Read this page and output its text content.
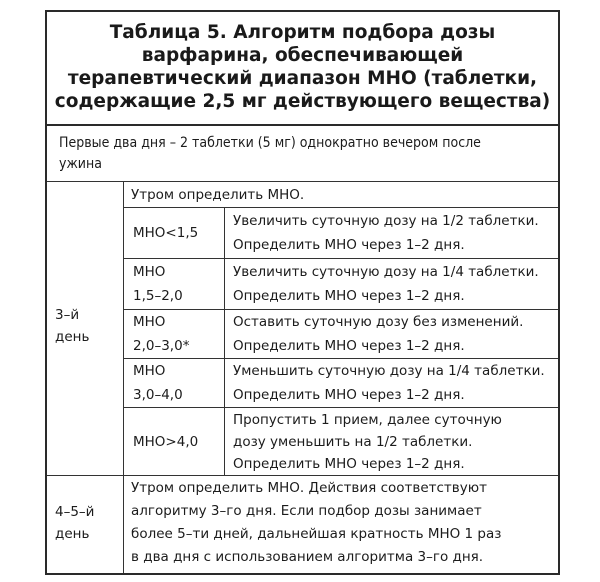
Таблица 5. Алгоритм подбора дозы
варфарина, обеспечивающей
терапевтический диапазон МНО (таблетки,
содержащие 2,5 мг действующего вещества)
Первые два дня – 2 таблетки (5 мг) однократно вечером после
ужина
3–й
день
Утром определить МНО.
МНО<1,5
Увеличить суточную дозу на 1/2 таблетки.
Определить МНО через 1–2 дня.
МНО
1,5–2,0
Увеличить суточную дозу на 1/4 таблетки.
Определить МНО через 1–2 дня.
МНО
2,0–3,0*
Оставить суточную дозу без изменений.
Определить МНО через 1–2 дня.
МНО
3,0–4,0
Уменьшить суточную дозу на 1/4 таблетки.
Определить МНО через 1–2 дня.
МНО>4,0
Пропустить 1 прием, далее суточную
дозу уменьшить на 1/2 таблетки.
Определить МНО через 1–2 дня.
4–5–й
день
Утром определить МНО. Действия соответствуют
алгоритму 3–го дня. Если подбор дозы занимает
более 5–ти дней, дальнейшая кратность МНО 1 раз
в два дня с использованием алгоритма 3–го дня.
